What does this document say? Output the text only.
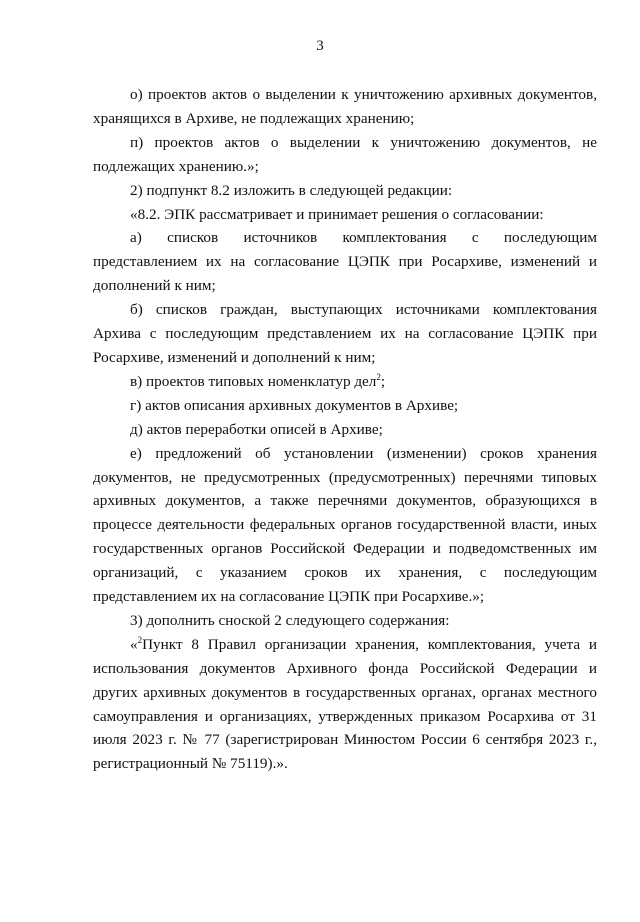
3

о) проектов актов о выделении к уничтожению архивных документов, хранящихся в Архиве, не подлежащих хранению;

п) проектов актов о выделении к уничтожению документов, не подлежащих хранению.»;

2) подпункт 8.2 изложить в следующей редакции:

«8.2. ЭПК рассматривает и принимает решения о согласовании:

а) списков источников комплектования с последующим представлением их на согласование ЦЭПК при Росархиве, изменений и дополнений к ним;

б) списков граждан, выступающих источниками комплектования Архива с последующим представлением их на согласование ЦЭПК при Росархиве, изменений и дополнений к ним;

в) проектов типовых номенклатур дел$^2$;

г) актов описания архивных документов в Архиве;

д) актов переработки описей в Архиве;

е) предложений об установлении (изменении) сроков хранения документов, не предусмотренных (предусмотренных) перечнями типовых архивных документов, а также перечнями документов, образующихся в процессе деятельности федеральных органов государственной власти, иных государственных органов Российской Федерации и подведомственных им организаций, с указанием сроков их хранения, с последующим представлением их на согласование ЦЭПК при Росархиве.»;

3) дополнить сноской 2 следующего содержания:

«$^2$Пункт 8 Правил организации хранения, комплектования, учета и использования документов Архивного фонда Российской Федерации и других архивных документов в государственных органах, органах местного самоуправления и организациях, утвержденных приказом Росархива от 31 июля 2023 г. № 77 (зарегистрирован Минюстом России 6 сентября 2023 г., регистрационный № 75119).».
